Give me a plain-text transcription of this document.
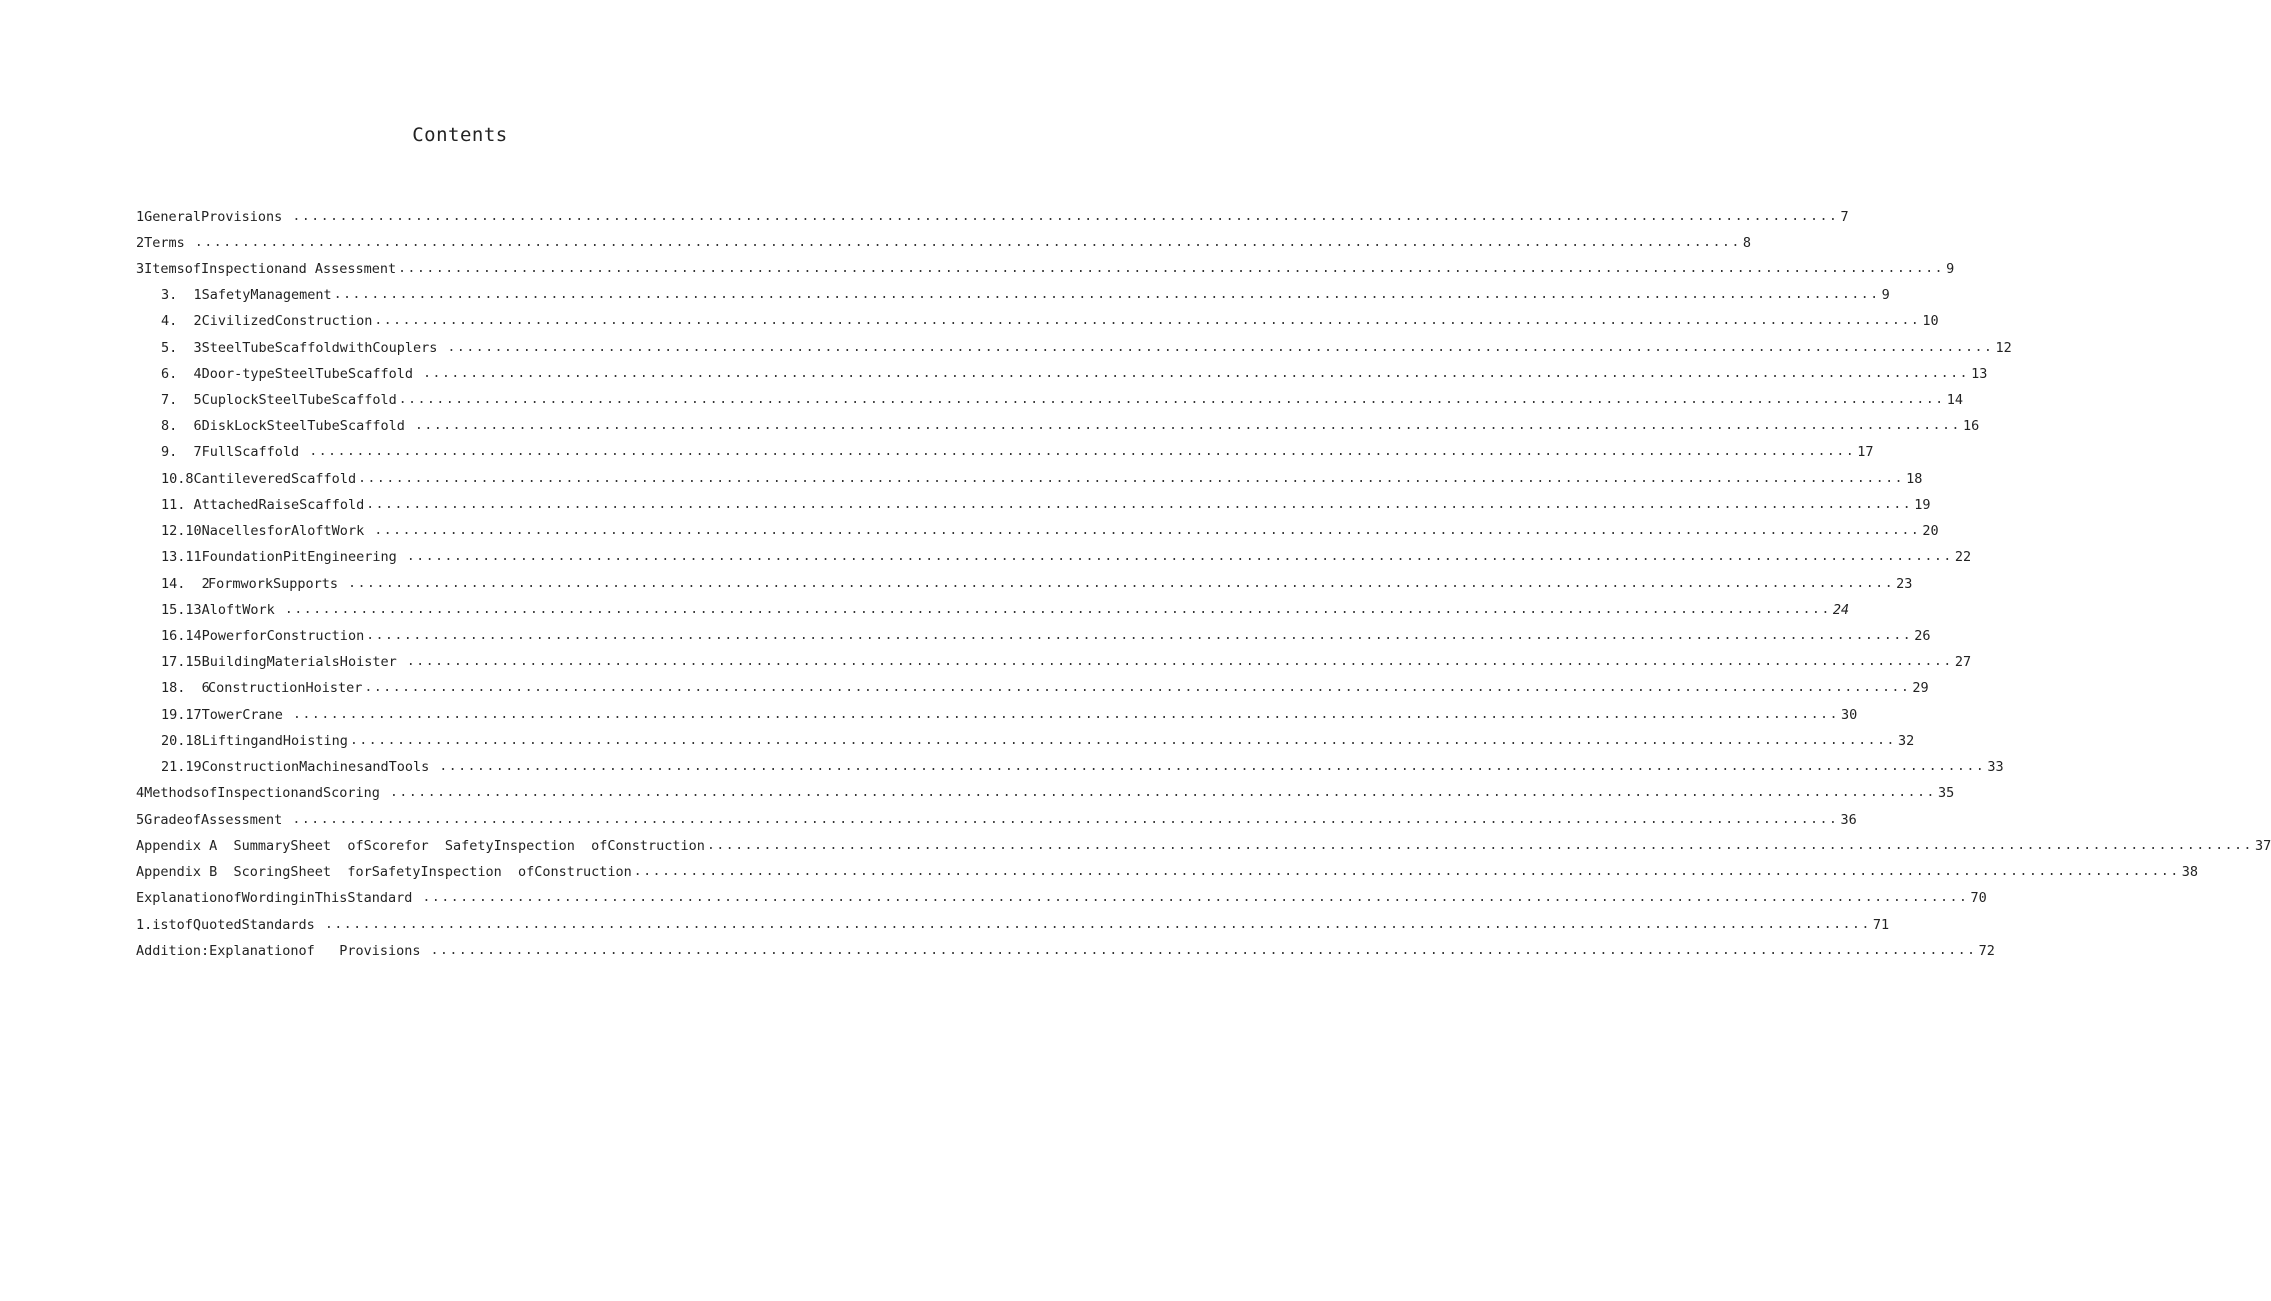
Contents
1 GeneralProvisions .................................................................................................................................................................... 7
2 Terms .................................................................................................................................................................... 8
3 ItemsofInspectionand Assessment .................................................................................................................................................................... 9
3. 1SafetyManagement .................................................................................................................................................................... 9
4. 2CivilizedConstruction .................................................................................................................................................................... 10
5.  3 SteelTubeScaffoldwithCouplers .................................................................................................................................................................... 12
6.  4 Door-typeSteelTubeScaffold .................................................................................................................................................................... 13
7.  5 CuplockSteelTubeScaffold .................................................................................................................................................................... 14
8.  6 DiskLockSteelTubeScaffold .................................................................................................................................................................... 16
9.  7 FullScaffold .................................................................................................................................................................... 17
10.8 CantileveredScaffold .................................................................................................................................................................... 18
11. AttachedRaiseScaffold .................................................................................................................................................................... 19
12.10 NacellesforAloftWork .................................................................................................................................................................... 20
13.11 FoundationPitEngineering .................................................................................................................................................................... 22
14.  2
FormworkSupports .................................................................................................................................................................... 23
15.13 AloftWork .................................................................................................................................................................... 24
16.14 PowerforConstruction .................................................................................................................................................................... 26
17.15 BuildingMaterialsHoister .................................................................................................................................................................... 27
18.  6
ConstructionHoister .................................................................................................................................................................... 29
19.17 TowerCrane .................................................................................................................................................................... 30
20.18 LiftingandHoisting .................................................................................................................................................................... 32
21.19 ConstructionMachinesandTools .................................................................................................................................................................... 33
4 MethodsofInspectionandScoring .................................................................................................................................................................... 35
5 GradeofAssessment .................................................................................................................................................................... 36
Appendix A  SummarySheet  ofScorefor  SafetyInspection  ofConstruction .................................................................................................................................................................... 37
Appendix B  ScoringSheet  forSafetyInspection  ofConstruction .................................................................................................................................................................... 38
ExplanationofWordinginThisStandard .................................................................................................................................................................... 70
1.istofQuotedStandards .................................................................................................................................................................... 71
Addition:Explanationof   Provisions .................................................................................................................................................................... 72
